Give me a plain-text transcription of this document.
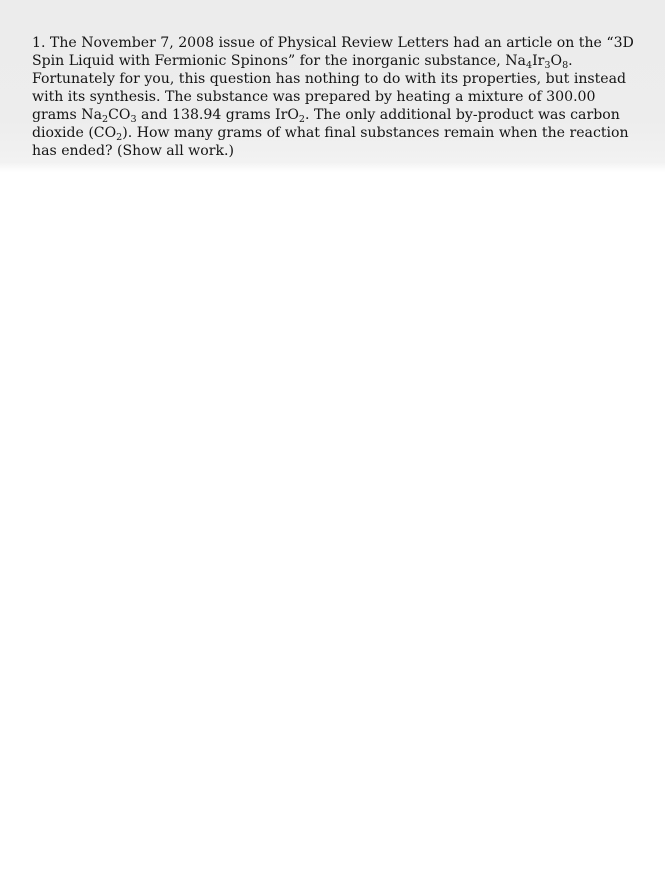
1. The November 7, 2008 issue of Physical Review Letters had an article on the “3D
Spin Liquid with Fermionic Spinons” for the inorganic substance, $Na_4Ir_3O_8$.
Fortunately for you, this question has nothing to do with its properties, but instead
with its synthesis. The substance was prepared by heating a mixture of 300.00
grams $Na_2CO_3$ and 138.94 grams IrO$_2$. The only additional by-product was carbon
dioxide $(CO_2)$. How many grams of what final substances remain when the reaction
has ended? (Show all work.)
